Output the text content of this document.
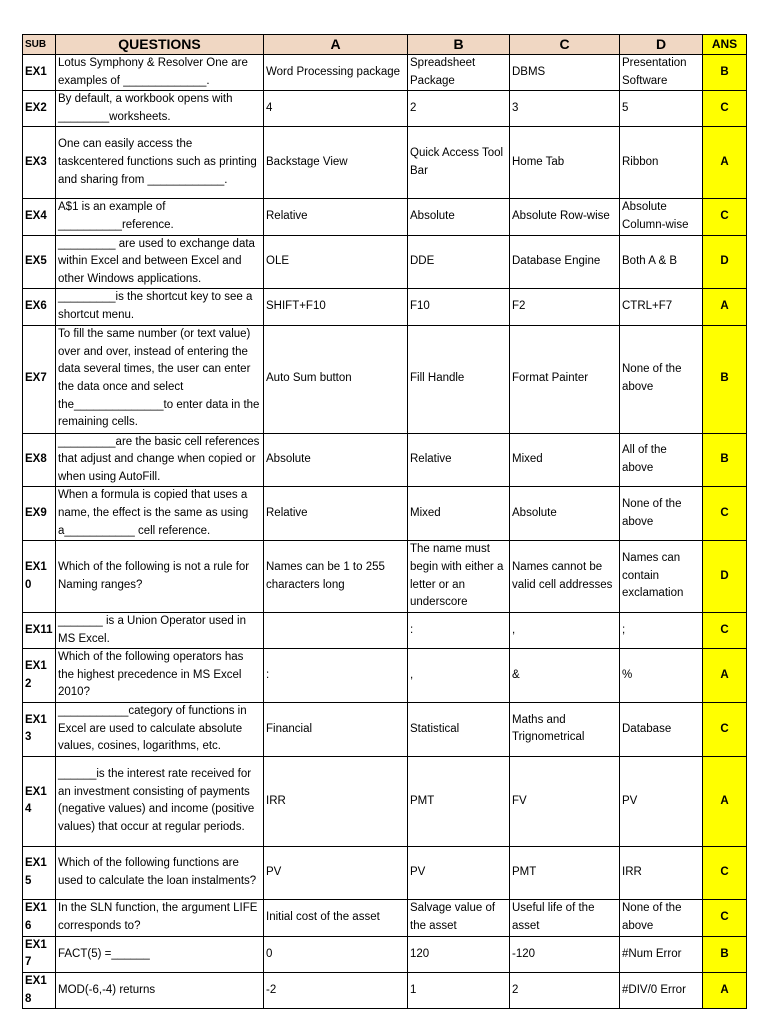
SUB	QUESTIONS	A	B	C	D	ANS
EX1	Lotus Symphony & Resolver One are examples of _____________.	Word Processing package	Spreadsheet Package	DBMS	Presentation Software	B
EX2	By default, a workbook opens with ________worksheets.	4	2	3	5	C
EX3	One can easily access the taskcentered functions such as printing and sharing from ____________.	Backstage View	Quick Access Tool Bar	Home Tab	Ribbon	A
EX4	A$1 is an example of __________reference.	Relative	Absolute	Absolute Row-wise	Absolute Column-wise	C
EX5	_________ are used to exchange data within Excel and between Excel and other Windows applications.	OLE	DDE	Database Engine	Both A & B	D
EX6	_________is the shortcut key to see a shortcut menu.	SHIFT+F10	F10	F2	CTRL+F7	A
EX7	To fill the same number (or text value) over and over, instead of entering the data several times, the user can enter the data once and select the______________to enter data in the remaining cells.	Auto Sum button	Fill Handle	Format Painter	None of the above	B
EX8	_________are the basic cell references that adjust and change when copied or when using AutoFill.	Absolute	Relative	Mixed	All of the above	B
EX9	When a formula is copied that uses a name, the effect is the same as using a___________ cell reference.	Relative	Mixed	Absolute	None of the above	C
EX10	Which of the following is not a rule for Naming ranges?	Names can be 1 to 255 characters long	The name must begin with either a letter or an underscore	Names cannot be valid cell addresses	Names can contain exclamation	D
EX11	_______ is a Union Operator used in MS Excel.		:	,	;	C
EX12	Which of the following operators has the highest precedence in MS Excel 2010?	:	,	&	%	A
EX13	___________category of functions in Excel are used to calculate absolute values, cosines, logarithms, etc.	Financial	Statistical	Maths and Trignometrical	Database	C
EX14	______is the interest rate received for an investment consisting of payments (negative values) and income (positive values) that occur at regular periods.	IRR	PMT	FV	PV	A
EX15	Which of the following functions are used to calculate the loan instalments?	PV	PV	PMT	IRR	C
EX16	In the SLN function, the argument LIFE corresponds to?	Initial cost of the asset	Salvage value of the asset	Useful life of the asset	None of the above	C
EX17	FACT(5) =______	0	120	-120	#Num Error	B
EX18	MOD(-6,-4) returns	-2	1	2	#DIV/0 Error	A
